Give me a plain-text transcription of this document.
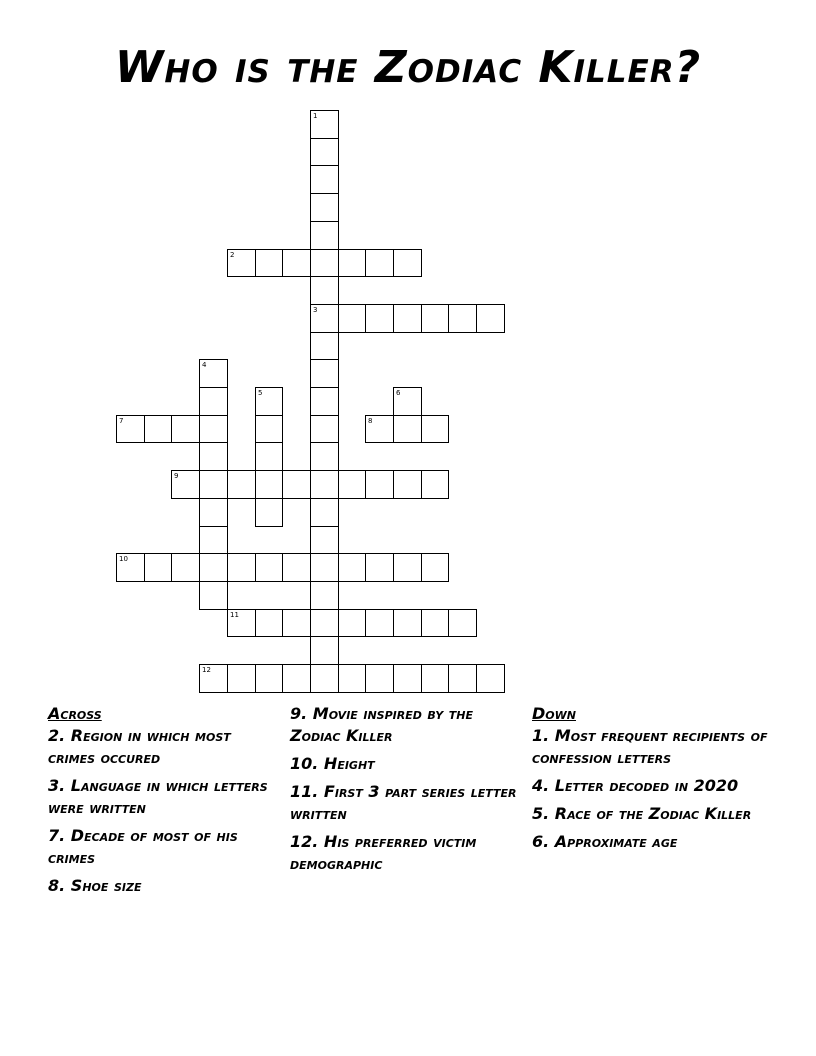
Who is the Zodiac Killer?
1
3
2
4
5	6
7	8
9
10
11
12
Across
2. Region in which most crimes occured
3. Language in which letters were written
7. Decade of most of his crimes
8. Shoe size
9. Movie inspired by the Zodiac Killer
10. Height
11. First 3 part series letter written
12. His preferred victim demographic
Down
1. Most frequent recipients of confession letters
4. Letter decoded in 2020
5. Race of the Zodiac Killer
6. Approximate age
